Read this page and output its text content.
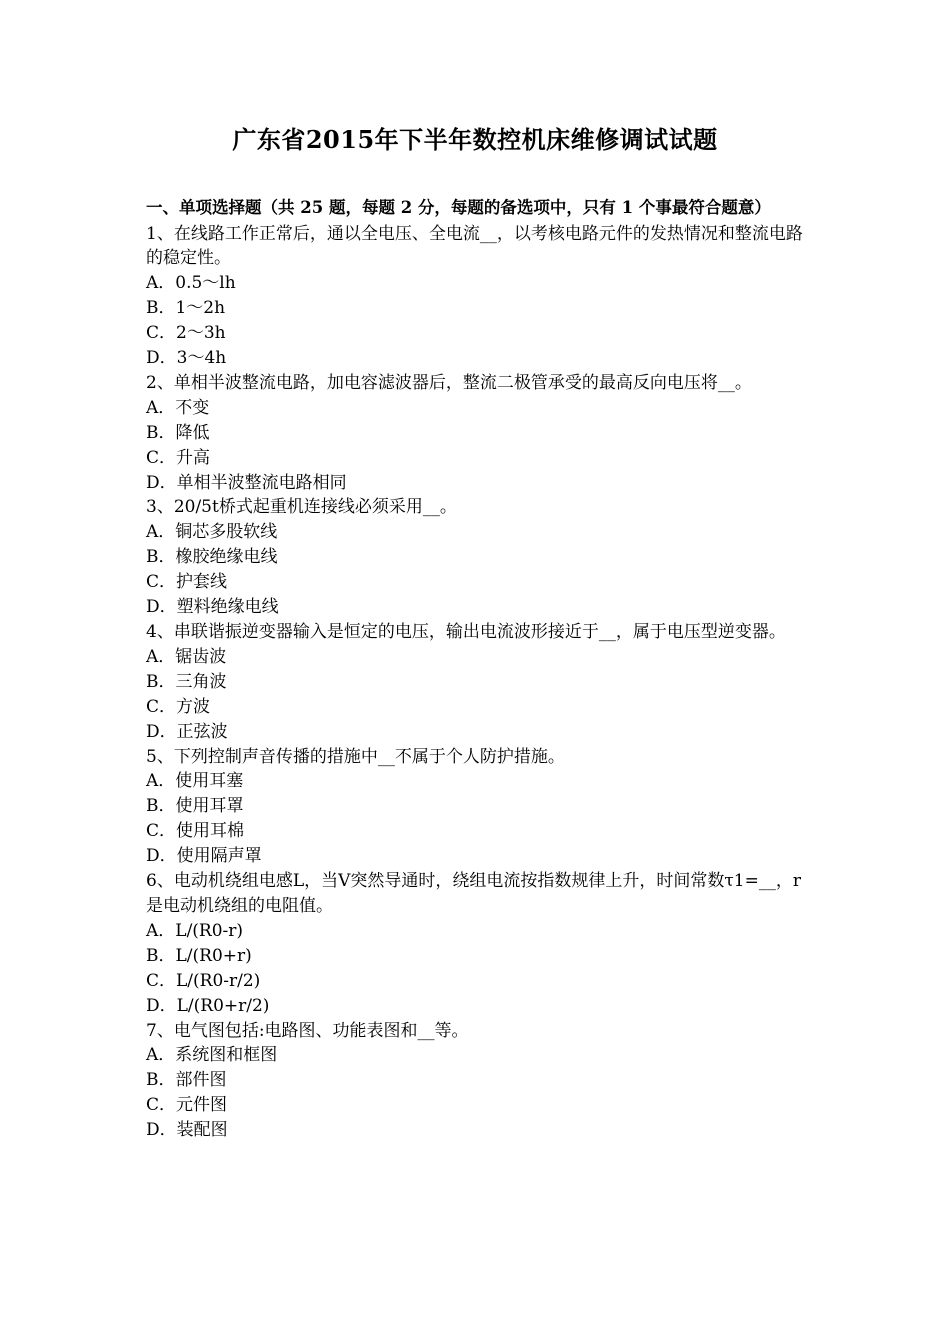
广东省2015年下半年数控机床维修调试试题
一、单项选择题（共 25 题，每题 2 分，每题的备选项中，只有 1 个事最符合题意）
1、在线路工作正常后，通以全电压、全电流__，以考核电路元件的发热情况和整流电路的稳定性。
A．0.5～lh
B．1～2h
C．2～3h
D．3～4h
2、单相半波整流电路，加电容滤波器后，整流二极管承受的最高反向电压将__。
A．不变
B．降低
C．升高
D．单相半波整流电路相同
3、20/5t桥式起重机连接线必须采用__。
A．铜芯多股软线
B．橡胶绝缘电线
C．护套线
D．塑料绝缘电线
4、串联谐振逆变器输入是恒定的电压，输出电流波形接近于__，属于电压型逆变器。
A．锯齿波
B．三角波
C．方波
D．正弦波
5、下列控制声音传播的措施中__不属于个人防护措施。
A．使用耳塞
B．使用耳罩
C．使用耳棉
D．使用隔声罩
6、电动机绕组电感L，当V突然导通时，绕组电流按指数规律上升，时间常数τ1=__，r是电动机绕组的电阻值。
A．L/(R0-r)
B．L/(R0+r)
C．L/(R0-r/2)
D．L/(R0+r/2)
7、电气图包括:电路图、功能表图和__等。
A．系统图和框图
B．部件图
C．元件图
D．装配图
